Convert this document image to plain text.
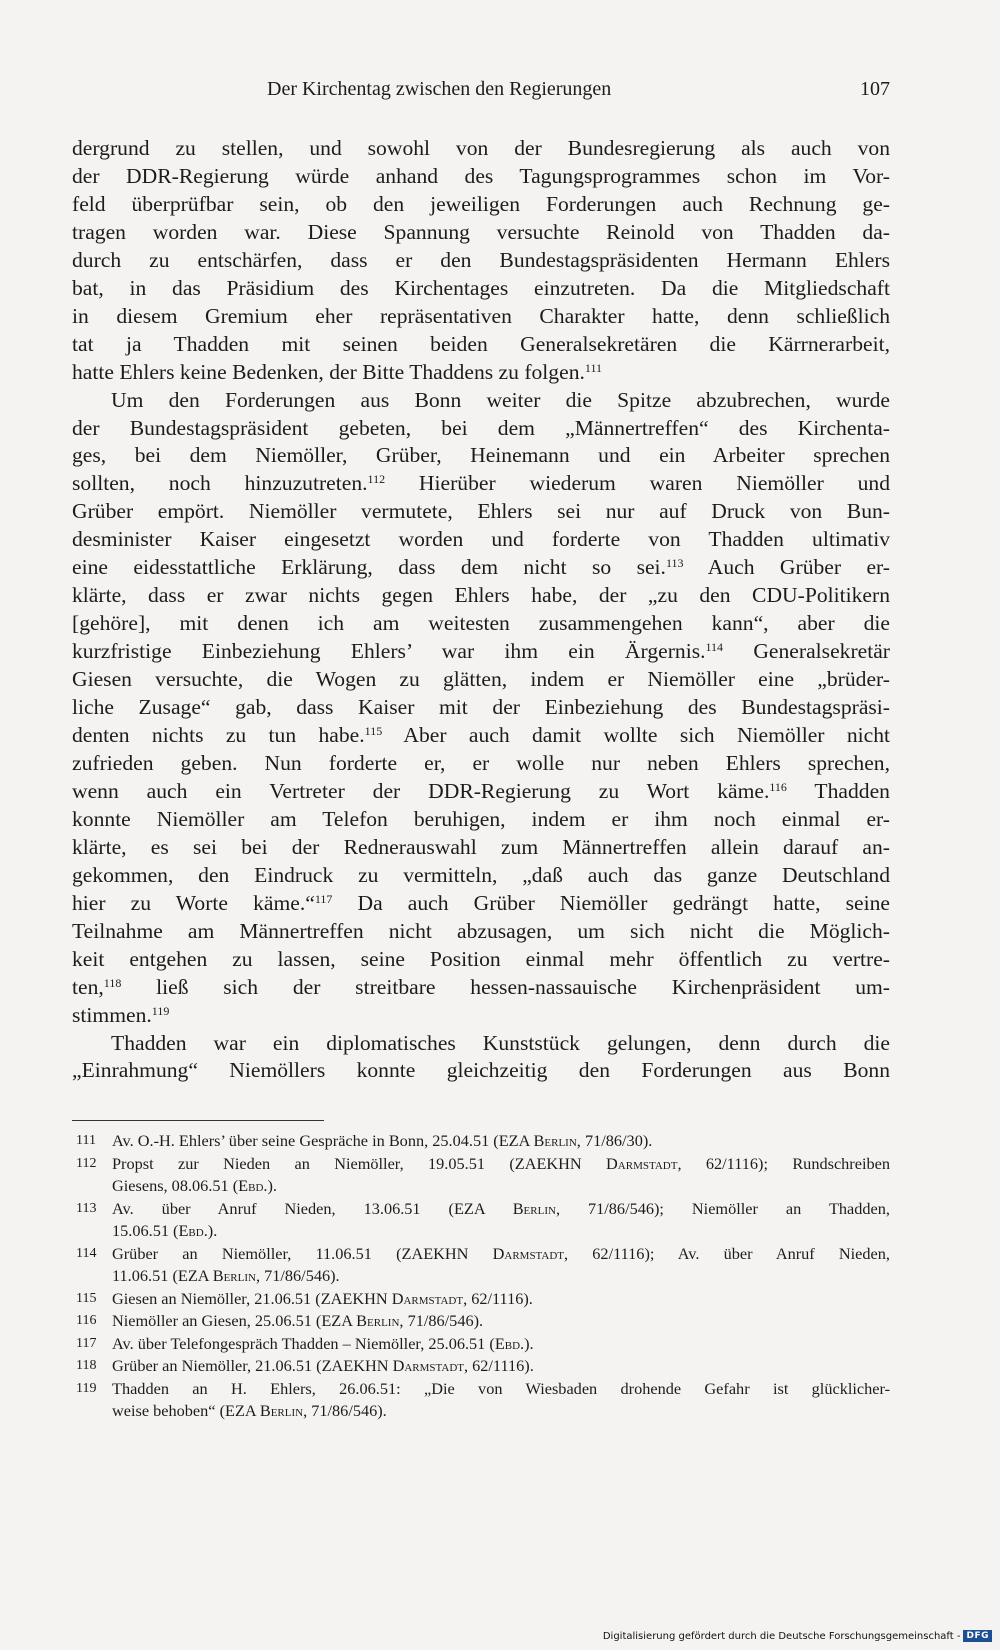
Der Kirchentag zwischen den Regierungen	107

dergrund zu stellen, und sowohl von der Bundesregierung als auch von
der DDR-Regierung würde anhand des Tagungsprogrammes schon im Vor-
feld überprüfbar sein, ob den jeweiligen Forderungen auch Rechnung ge-
tragen worden war. Diese Spannung versuchte Reinold von Thadden da-
durch zu entschärfen, dass er den Bundestagspräsidenten Hermann Ehlers
bat, in das Präsidium des Kirchentages einzutreten. Da die Mitgliedschaft
in diesem Gremium eher repräsentativen Charakter hatte, denn schließlich
tat ja Thadden mit seinen beiden Generalsekretären die Kärrnerarbeit,
hatte Ehlers keine Bedenken, der Bitte Thaddens zu folgen.$^{111}$

Um den Forderungen aus Bonn weiter die Spitze abzubrechen, wurde
der Bundestagspräsident gebeten, bei dem „Männertreffen“ des Kirchenta-
ges, bei dem Niemöller, Grüber, Heinemann und ein Arbeiter sprechen
sollten, noch hinzuzutreten.$^{112}$ Hierüber wiederum waren Niemöller und
Grüber empört. Niemöller vermutete, Ehlers sei nur auf Druck von Bun-
desminister Kaiser eingesetzt worden und forderte von Thadden ultimativ
eine eidesstattliche Erklärung, dass dem nicht so sei.$^{113}$ Auch Grüber er-
klärte, dass er zwar nichts gegen Ehlers habe, der „zu den CDU-Politikern
[gehöre], mit denen ich am weitesten zusammengehen kann“, aber die
kurzfristige Einbeziehung Ehlers’ war ihm ein Ärgernis.$^{114}$ Generalsekretär
Giesen versuchte, die Wogen zu glätten, indem er Niemöller eine „brüder-
liche Zusage“ gab, dass Kaiser mit der Einbeziehung des Bundestagspräsi-
denten nichts zu tun habe.$^{115}$ Aber auch damit wollte sich Niemöller nicht
zufrieden geben. Nun forderte er, er wolle nur neben Ehlers sprechen,
wenn auch ein Vertreter der DDR-Regierung zu Wort käme.$^{116}$ Thadden
konnte Niemöller am Telefon beruhigen, indem er ihm noch einmal er-
klärte, es sei bei der Rednerauswahl zum Männertreffen allein darauf an-
gekommen, den Eindruck zu vermitteln, „daß auch das ganze Deutschland
hier zu Worte käme.“$^{117}$ Da auch Grüber Niemöller gedrängt hatte, seine
Teilnahme am Männertreffen nicht abzusagen, um sich nicht die Möglich-
keit entgehen zu lassen, seine Position einmal mehr öffentlich zu vertre-
ten,$^{118}$ ließ sich der streitbare hessen-nassauische Kirchenpräsident um-
stimmen.$^{119}$

Thadden war ein diplomatisches Kunststück gelungen, denn durch die
„Einrahmung“ Niemöllers konnte gleichzeitig den Forderungen aus Bonn

111 Av. O.-H. Ehlers’ über seine Gespräche in Bonn, 25.04.51 (EZA Berlin, 71/86/30).
112 Propst zur Nieden an Niemöller, 19.05.51 (ZAEKHN Darmstadt, 62/1116); Rundschreiben
Giesens, 08.06.51 (Ebd.).
113 Av. über Anruf Nieden, 13.06.51 (EZA Berlin, 71/86/546); Niemöller an Thadden,
15.06.51 (Ebd.).
114 Grüber an Niemöller, 11.06.51 (ZAEKHN Darmstadt, 62/1116); Av. über Anruf Nieden,
11.06.51 (EZA Berlin, 71/86/546).
115 Giesen an Niemöller, 21.06.51 (ZAEKHN Darmstadt, 62/1116).
116 Niemöller an Giesen, 25.06.51 (EZA Berlin, 71/86/546).
117 Av. über Telefongespräch Thadden – Niemöller, 25.06.51 (Ebd.).
118 Grüber an Niemöller, 21.06.51 (ZAEKHN Darmstadt, 62/1116).
119 Thadden an H. Ehlers, 26.06.51: „Die von Wiesbaden drohende Gefahr ist glücklicher-
weise behoben“ (EZA Berlin, 71/86/546).
Digitalisierung gefördert durch die Deutsche Forschungsgemeinschaft - DFG
